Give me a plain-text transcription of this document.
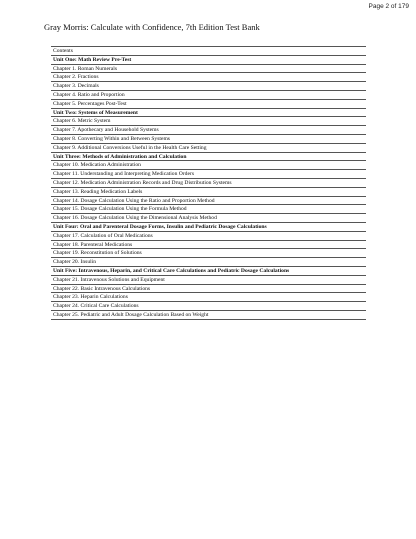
Page 2 of 179
Gray Morris: Calculate with Confidence, 7th Edition Test Bank
Contents
Unit One: Math Review Pre-Test
Chapter 1. Roman Numerals
Chapter 2. Fractions
Chapter 3. Decimals
Chapter 4. Ratio and Proportion
Chapter 5. Percentages Post-Test
Unit Two: Systems of Measurement
Chapter 6. Metric System
Chapter 7. Apothecary and Household Systems
Chapter 8. Converting Within and Between Systems
Chapter 9. Additional Conversions Useful in the Health Care Setting
Unit Three: Methods of Administration and Calculation
Chapter 10. Medication Administration
Chapter 11. Understanding and Interpreting Medication Orders
Chapter 12. Medication Administration Records and Drug Distribution Systems
Chapter 13. Reading Medication Labels
Chapter 14. Dosage Calculation Using the Ratio and Proportion Method
Chapter 15. Dosage Calculation Using the Formula Method
Chapter 16. Dosage Calculation Using the Dimensional Analysis Method
Unit Four: Oral and Parenteral Dosage Forms, Insulin and Pediatric Dosage Calculations
Chapter 17. Calculation of Oral Medications
Chapter 18. Parenteral Medications
Chapter 19. Reconstitution of Solutions
Chapter 20. Insulin
Unit Five: Intravenous, Heparin, and Critical Care Calculations and Pediatric Dosage Calculations
Chapter 21. Intravenous Solutions and Equipment
Chapter 22. Basic Intravenous Calculations
Chapter 23. Heparin Calculations
Chapter 24. Critical Care Calculations
Chapter 25. Pediatric and Adult Dosage Calculation Based on Weight
